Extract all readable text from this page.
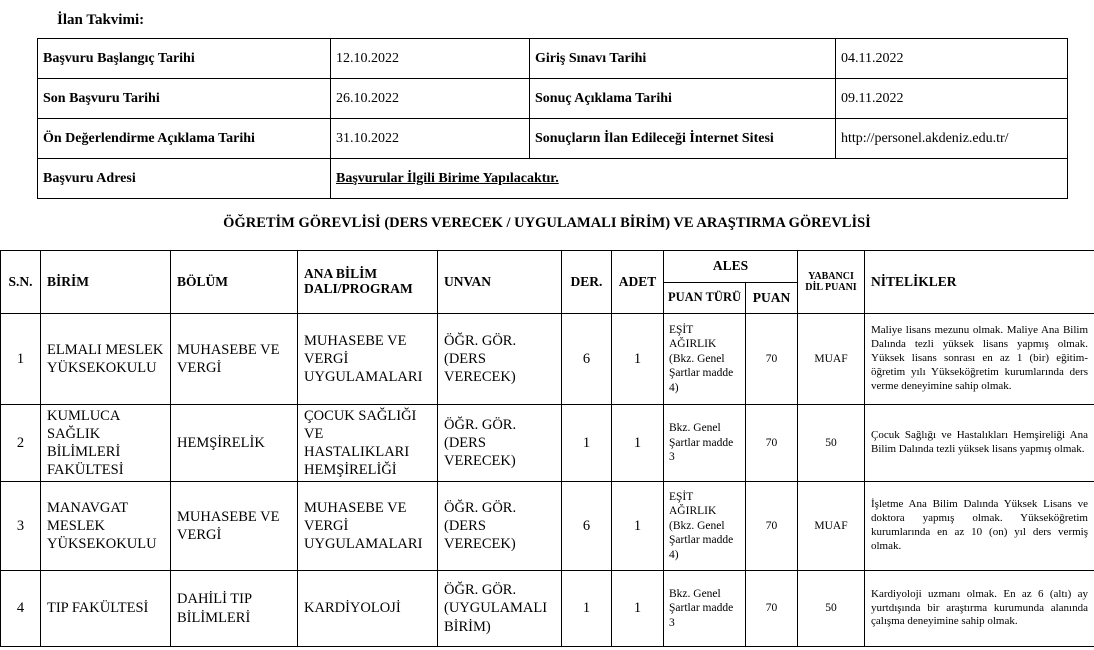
İlan Takvimi:
Başvuru Başlangıç Tarihi	12.10.2022	Giriş Sınavı Tarihi	04.11.2022
Son Başvuru Tarihi	26.10.2022	Sonuç Açıklama Tarihi	09.11.2022
Ön Değerlendirme Açıklama Tarihi	31.10.2022	Sonuçların İlan Edileceği İnternet Sitesi	http://personel.akdeniz.edu.tr/
Başvuru Adresi	Başvurular İlgili Birime Yapılacaktır.		
ÖĞRETİM GÖREVLİSİ (DERS VERECEK / UYGULAMALI BİRİM) VE ARAŞTIRMA GÖREVLİSİ
S.N.	BİRİM	BÖLÜM	ANA BİLİM DALI/PROGRAM	UNVAN	DER.	ADET	ALES		YABANCI DİL PUANI	NİTELİKLER
							PUAN TÜRÜ	PUAN		
1	ELMALI MESLEK YÜKSEKOKULU	MUHASEBE VE VERGİ	MUHASEBE VE VERGİ UYGULAMALARI	ÖĞR. GÖR. (DERS VERECEK)	6	1	EŞİT AĞIRLIK (Bkz. Genel Şartlar madde 4)	70	MUAF	Maliye lisans mezunu olmak. Maliye Ana Bilim Dalında tezli yüksek lisans yapmış olmak. Yüksek lisans sonrası en az 1 (bir) eğitim-öğretim yılı Yükseköğretim kurumlarında ders verme deneyimine sahip olmak.
2	KUMLUCA SAĞLIK BİLİMLERİ FAKÜLTESİ	HEMŞİRELİK	ÇOCUK SAĞLIĞI VE HASTALIKLARI HEMŞİRELİĞİ	ÖĞR. GÖR. (DERS VERECEK)	1	1	Bkz. Genel Şartlar madde 3	70	50	Çocuk Sağlığı ve Hastalıkları Hemşireliği Ana Bilim Dalında tezli yüksek lisans yapmış olmak.
3	MANAVGAT MESLEK YÜKSEKOKULU	MUHASEBE VE VERGİ	MUHASEBE VE VERGİ UYGULAMALARI	ÖĞR. GÖR. (DERS VERECEK)	6	1	EŞİT AĞIRLIK (Bkz. Genel Şartlar madde 4)	70	MUAF	İşletme Ana Bilim Dalında Yüksek Lisans ve doktora yapmış olmak. Yükseköğretim kurumlarında en az 10 (on) yıl ders vermiş olmak.
4	TIP FAKÜLTESİ	DAHİLİ TIP BİLİMLERİ	KARDİYOLOJİ	ÖĞR. GÖR. (UYGULAMALI BİRİM)	1	1	Bkz. Genel Şartlar madde 3	70	50	Kardiyoloji uzmanı olmak. En az 6 (altı) ay yurtdışında bir araştırma kurumunda alanında çalışma deneyimine sahip olmak.
